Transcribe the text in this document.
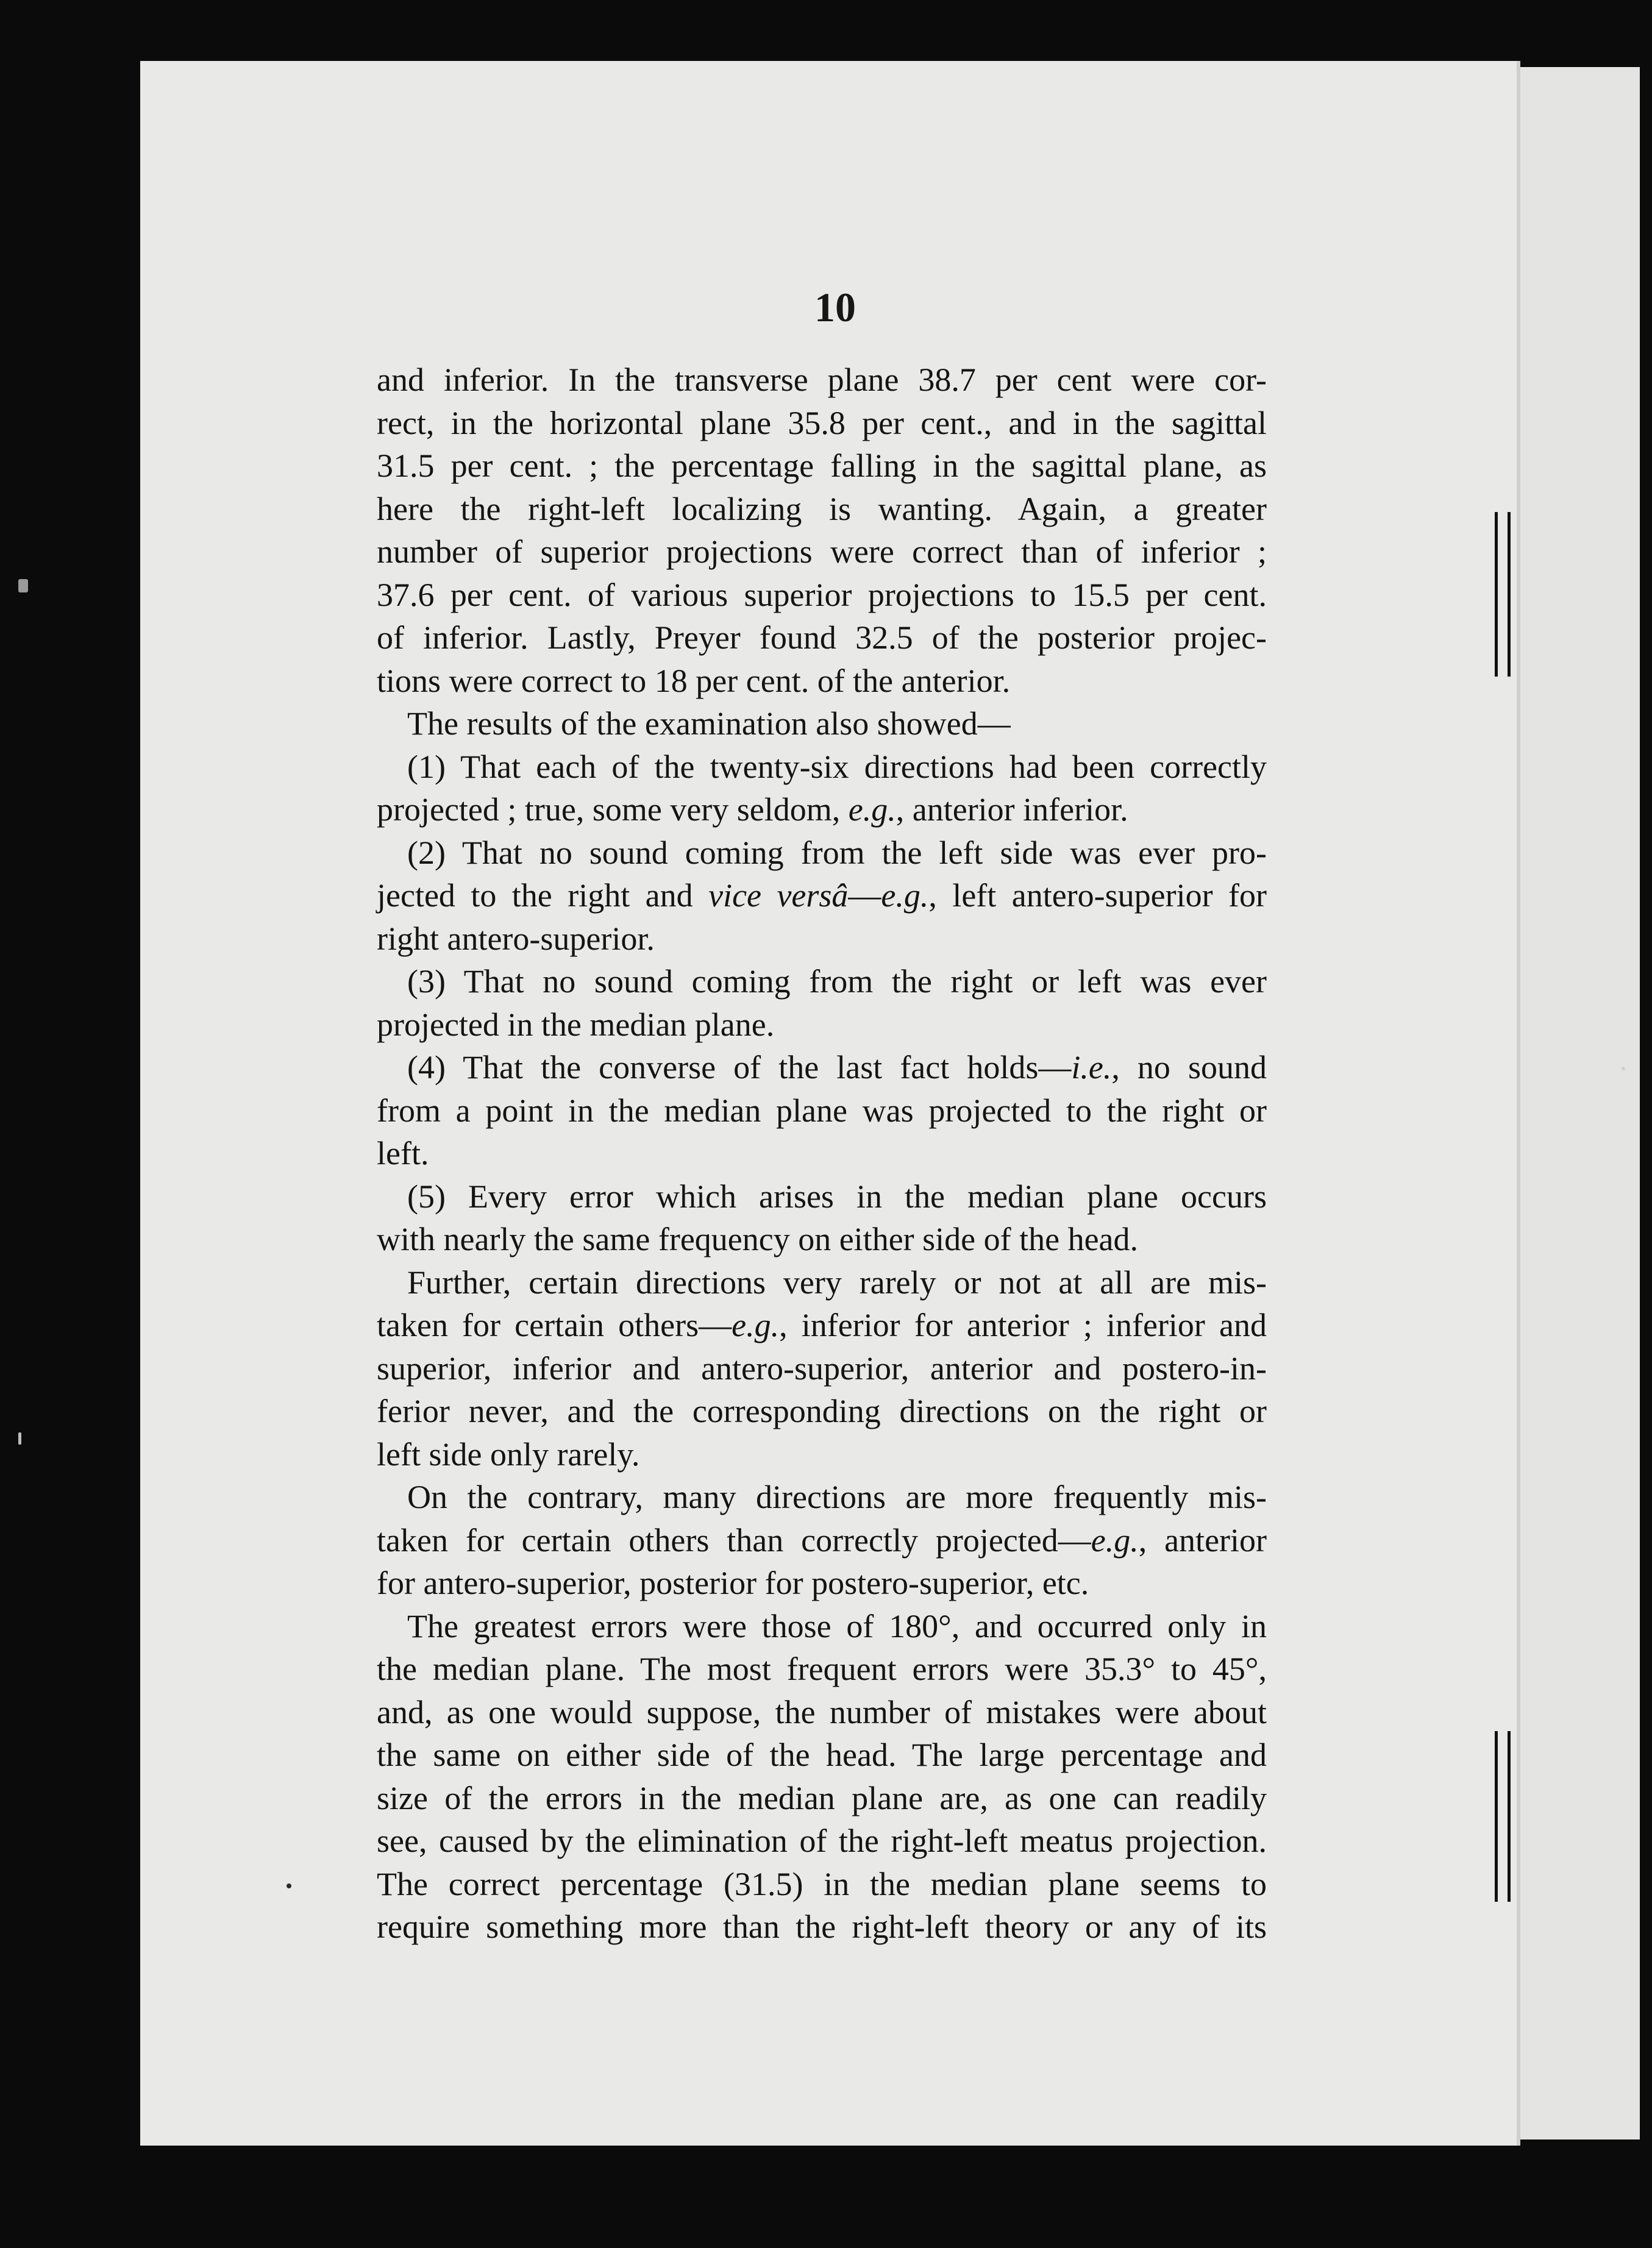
10
and inferior. In the transverse plane 38.7 per cent were cor-
rect, in the horizontal plane 35.8 per cent., and in the sagittal
31.5 per cent. ; the percentage falling in the sagittal plane, as
here the right-left localizing is wanting. Again, a greater
number of superior projections were correct than of inferior ;
37.6 per cent. of various superior projections to 15.5 per cent.
of inferior. Lastly, Preyer found 32.5 of the posterior projec-
tions were correct to 18 per cent. of the anterior.
The results of the examination also showed—
(1) That each of the twenty-six directions had been correctly
projected ; true, some very seldom, e.g., anterior inferior.
(2) That no sound coming from the left side was ever pro-
jected to the right and vice versâ—e.g., left antero-superior for
right antero-superior.
(3) That no sound coming from the right or left was ever
projected in the median plane.
(4) That the converse of the last fact holds—i.e., no sound
from a point in the median plane was projected to the right or
left.
(5) Every error which arises in the median plane occurs
with nearly the same frequency on either side of the head.
Further, certain directions very rarely or not at all are mis-
taken for certain others—e.g., inferior for anterior ; inferior and
superior, inferior and antero-superior, anterior and postero-in-
ferior never, and the corresponding directions on the right or
left side only rarely.
On the contrary, many directions are more frequently mis-
taken for certain others than correctly projected—e.g., anterior
for antero-superior, posterior for postero-superior, etc.
The greatest errors were those of 180°, and occurred only in
the median plane. The most frequent errors were 35.3° to 45°,
and, as one would suppose, the number of mistakes were about
the same on either side of the head. The large percentage and
size of the errors in the median plane are, as one can readily
see, caused by the elimination of the right-left meatus projection.
The correct percentage (31.5) in the median plane seems to
require something more than the right-left theory or any of its
